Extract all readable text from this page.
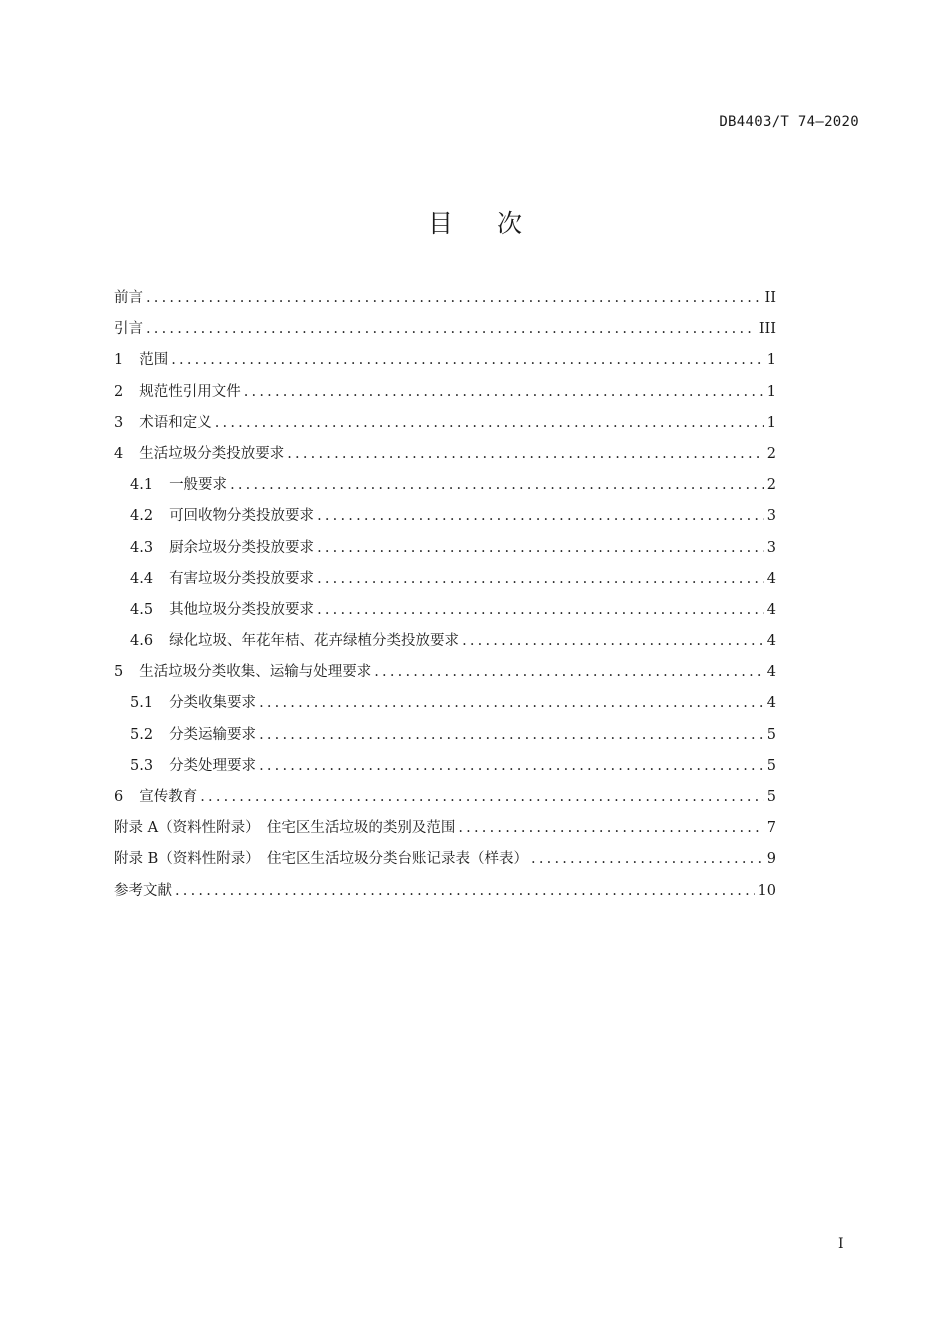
DB4403/T 74—2020
目次
前言 .....	II
引言 .....	III
1 范围 .....	1
2 规范性引用文件 .....	1
3 术语和定义 .....	1
4 生活垃圾分类投放要求 .....	2
4.1 一般要求 .....	2
4.2 可回收物分类投放要求 .....	3
4.3 厨余垃圾分类投放要求 .....	3
4.4 有害垃圾分类投放要求 .....	4
4.5 其他垃圾分类投放要求 .....	4
4.6 绿化垃圾、年花年桔、花卉绿植分类投放要求 .....	4
5 生活垃圾分类收集、运输与处理要求 .....	4
5.1 分类收集要求 .....	4
5.2 分类运输要求 .....	5
5.3 分类处理要求 .....	5
6 宣传教育 .....	5
附录 A（资料性附录）　住宅区生活垃圾的类别及范围 .....	7
附录 B（资料性附录）　住宅区生活垃圾分类台账记录表（样表） .....	9
参考文献 .....	10
I
